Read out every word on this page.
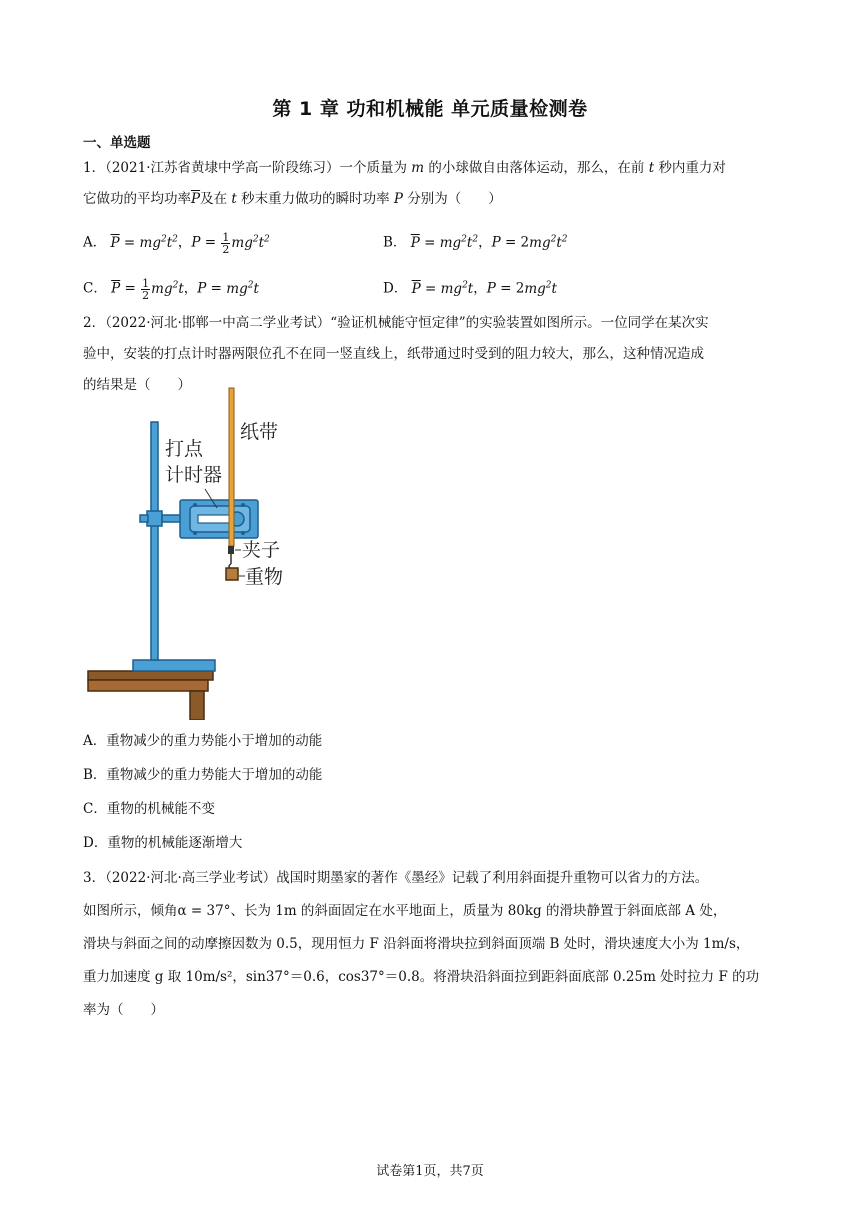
第 1 章 功和机械能 单元质量检测卷
一、单选题
1．（2021·江苏省黄埭中学高一阶段练习）一个质量为 m 的小球做自由落体运动，那么，在前 t 秒内重力对
它做功的平均功率$\overline{P}$及在 t 秒末重力做功的瞬时功率 P 分别为（　　）
A． $\overline{P} = mg^2t^2$，$P = \frac{1}{2} mg^2t^2$	B． $\overline{P} = mg^2t^2$，$P = 2mg^2t^2$
C． $\overline{P} = \frac{1}{2} mg^2t$，$P = mg^2t$	D． $\overline{P} = mg^2t$，$P = 2mg^2t$
2．（2022·河北·邯郸一中高二学业考试）“验证机械能守恒定律”的实验装置如图所示。一位同学在某次实
验中，安装的打点计时器两限位孔不在同一竖直线上，纸带通过时受到的阻力较大，那么，这种情况造成
的结果是（　　）
纸带
打点
计时器
夹子
重物
A．重物减少的重力势能小于增加的动能
B．重物减少的重力势能大于增加的动能
C．重物的机械能不变
D．重物的机械能逐渐增大
3．（2022·河北·高三学业考试）战国时期墨家的著作《墨经》记载了利用斜面提升重物可以省力的方法。
如图所示，倾角α = 37°、长为 1m 的斜面固定在水平地面上，质量为 80kg 的滑块静置于斜面底部 A 处，
滑块与斜面之间的动摩擦因数为 0.5，现用恒力 F 沿斜面将滑块拉到斜面顶端 B 处时，滑块速度大小为 1m/s，
重力加速度 g 取 10m/s²，sin37°＝0.6，cos37°＝0.8。将滑块沿斜面拉到距斜面底部 0.25m 处时拉力 F 的功
率为（　　）
试卷第1页，共7页
